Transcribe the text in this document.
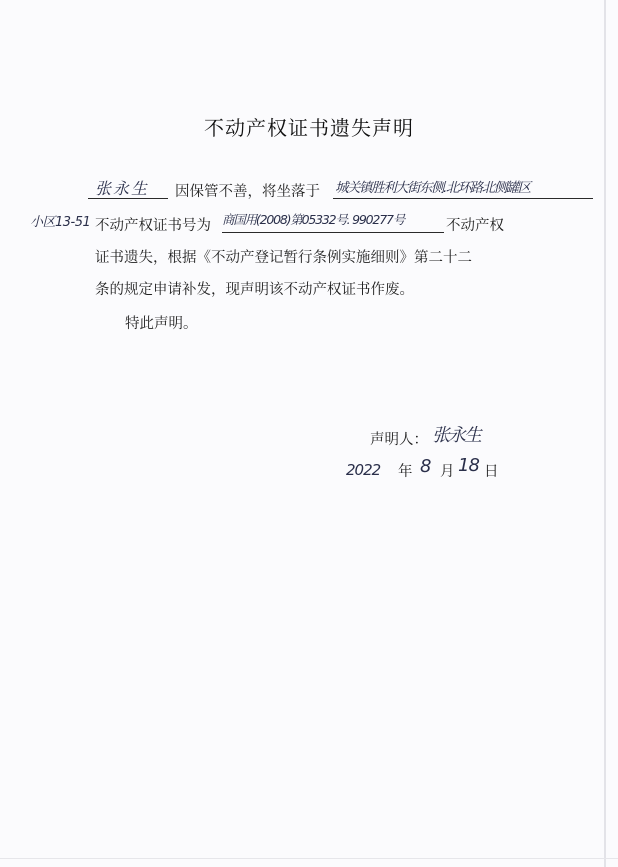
不动产权证书遗失声明
张永生 因保管不善，将坐落于 城关镇胜利大街东侧.北环路北侧罐区
小区13-51 不动产权证书号为 商国用(2008)第05332号. 990277号	不动产权
证书遗失，根据《不动产登记暂行条例实施细则》第二十二
条的规定申请补发，现声明该不动产权证书作废。
特此声明。
声明人： 张永生
2022 年 8 月 18 日
